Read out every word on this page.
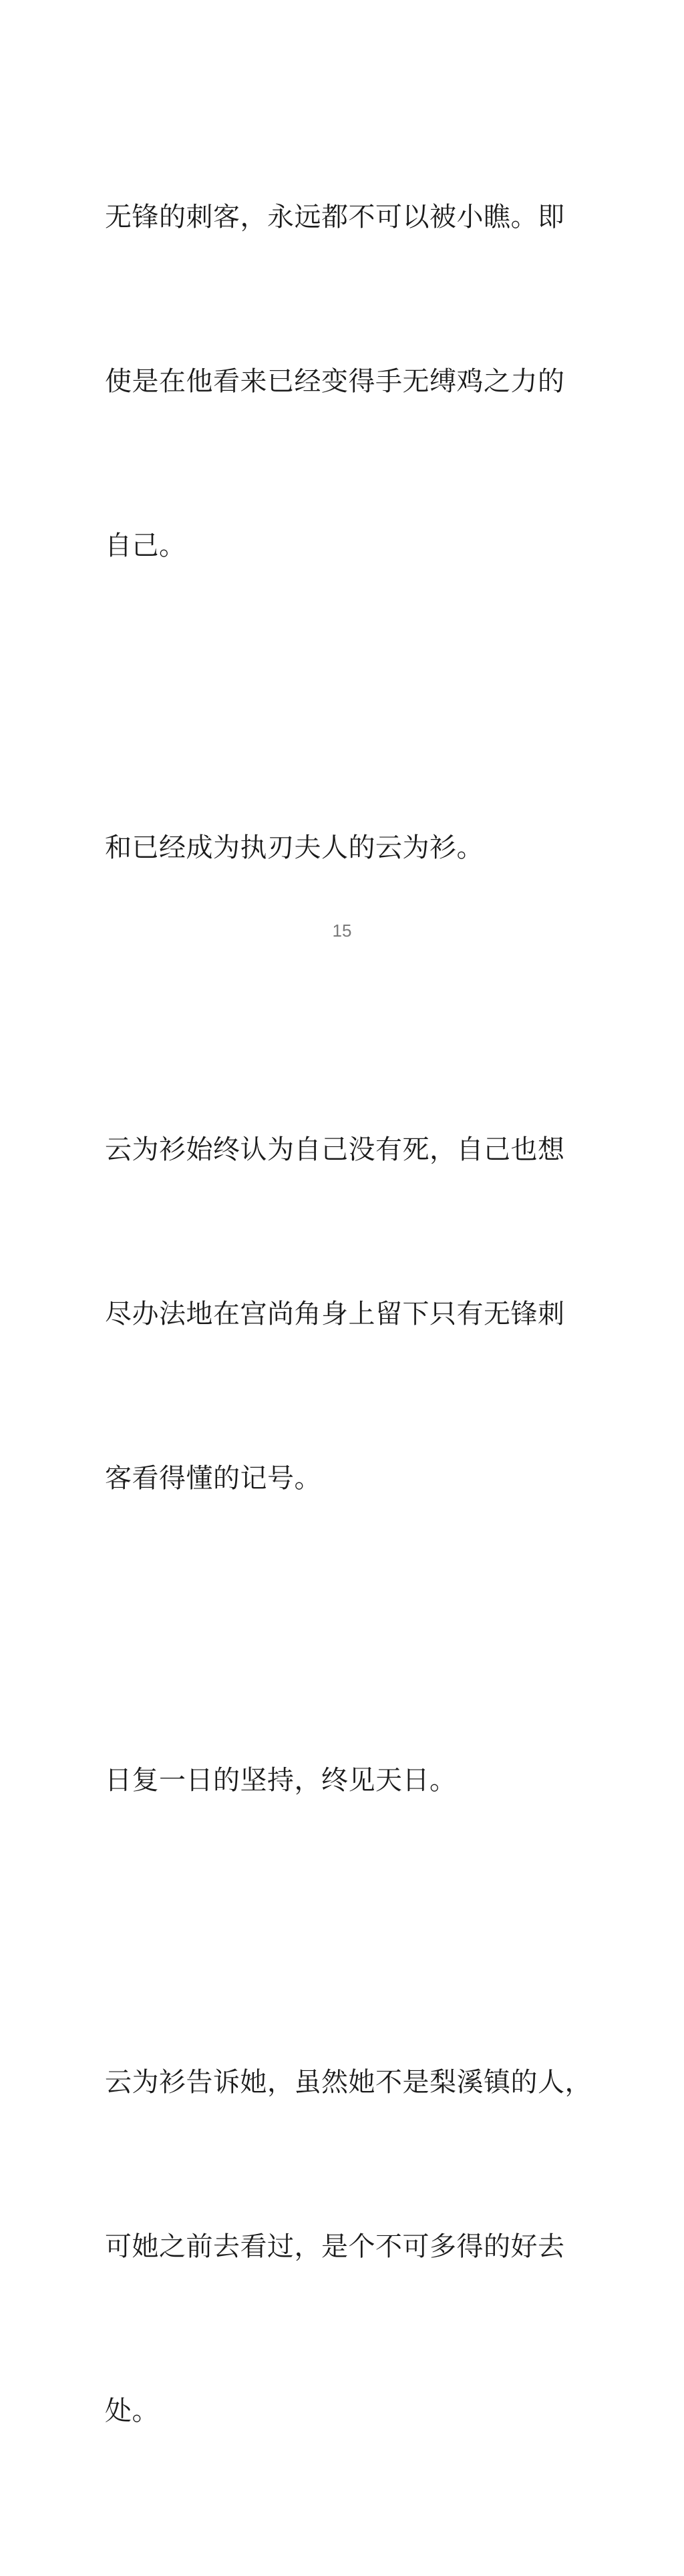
无锋的刺客，永远都不可以被小瞧。即

使是在他看来已经变得手无缚鸡之力的

自己。

和已经成为执刃夫人的云为衫。

云为衫始终认为自己没有死，自己也想

尽办法地在宫尚角身上留下只有无锋刺

客看得懂的记号。

日复一日的坚持，终见天日。

云为衫告诉她，虽然她不是梨溪镇的人，

可她之前去看过，是个不可多得的好去

处。

15
